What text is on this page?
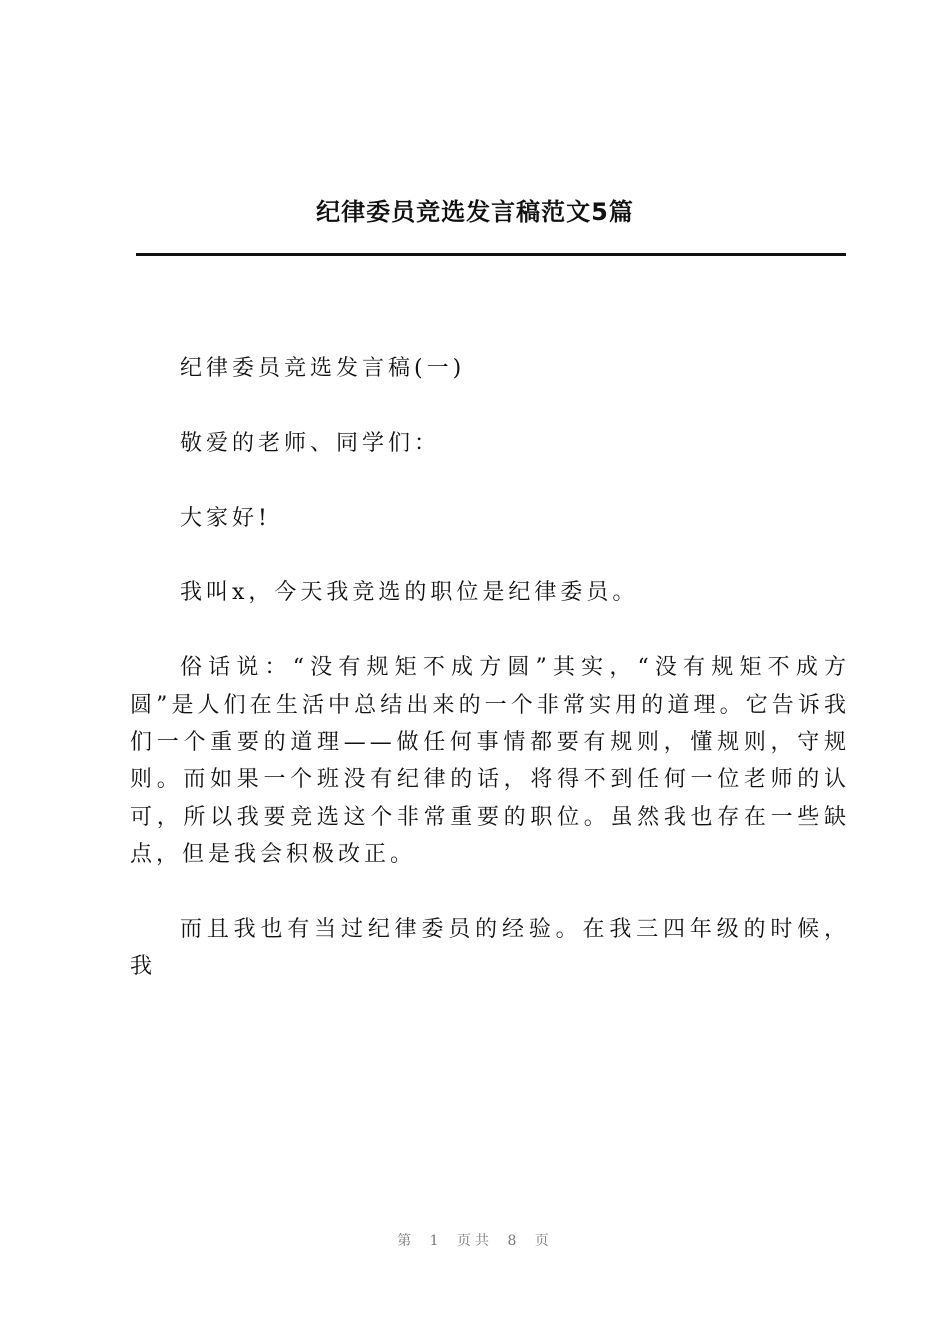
纪律委员竞选发言稿范文5篇

纪律委员竞选发言稿(一)

敬爱的老师、同学们：

大家好!

我叫x，今天我竞选的职位是纪律委员。

俗话说：“没有规矩不成方圆”其实，“没有规矩不成方圆”是人们在生活中总结出来的一个非常实用的道理。它告诉我们一个重要的道理——做任何事情都要有规则，懂规则，守规则。而如果一个班没有纪律的话，将得不到任何一位老师的认可，所以我要竞选这个非常重要的职位。虽然我也存在一些缺点，但是我会积极改正。

而且我也有当过纪律委员的经验。在我三四年级的时候，我

第 1 页共 8 页
